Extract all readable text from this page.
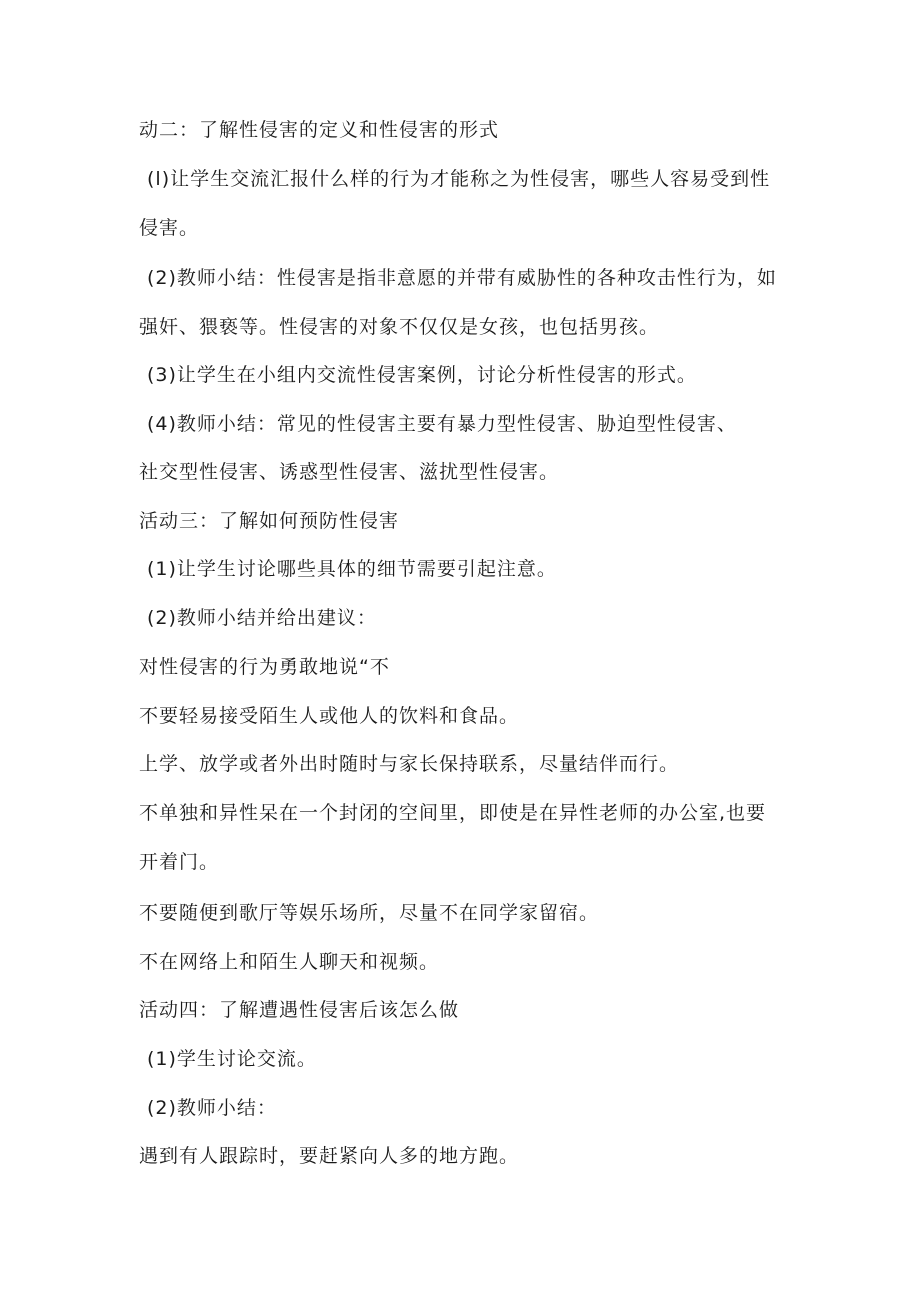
动二：了解性侵害的定义和性侵害的形式
(l)让学生交流汇报什么样的行为才能称之为性侵害，哪些人容易受到性
侵害。
(2)教师小结：性侵害是指非意愿的并带有威胁性的各种攻击性行为，如
强奸、猥亵等。性侵害的对象不仅仅是女孩，也包括男孩。
(3)让学生在小组内交流性侵害案例，讨论分析性侵害的形式。
(4)教师小结：常见的性侵害主要有暴力型性侵害、胁迫型性侵害、
社交型性侵害、诱惑型性侵害、滋扰型性侵害。
活动三：了解如何预防性侵害
(1)让学生讨论哪些具体的细节需要引起注意。
(2)教师小结并给出建议：
对性侵害的行为勇敢地说“不
不要轻易接受陌生人或他人的饮料和食品。
上学、放学或者外出时随时与家长保持联系，尽量结伴而行。
不单独和异性呆在一个封闭的空间里，即使是在异性老师的办公室,也要
开着门。
不要随便到歌厅等娱乐场所，尽量不在同学家留宿。
不在网络上和陌生人聊天和视频。
活动四：了解遭遇性侵害后该怎么做
(1)学生讨论交流。
(2)教师小结：
遇到有人跟踪时，要赶紧向人多的地方跑。
